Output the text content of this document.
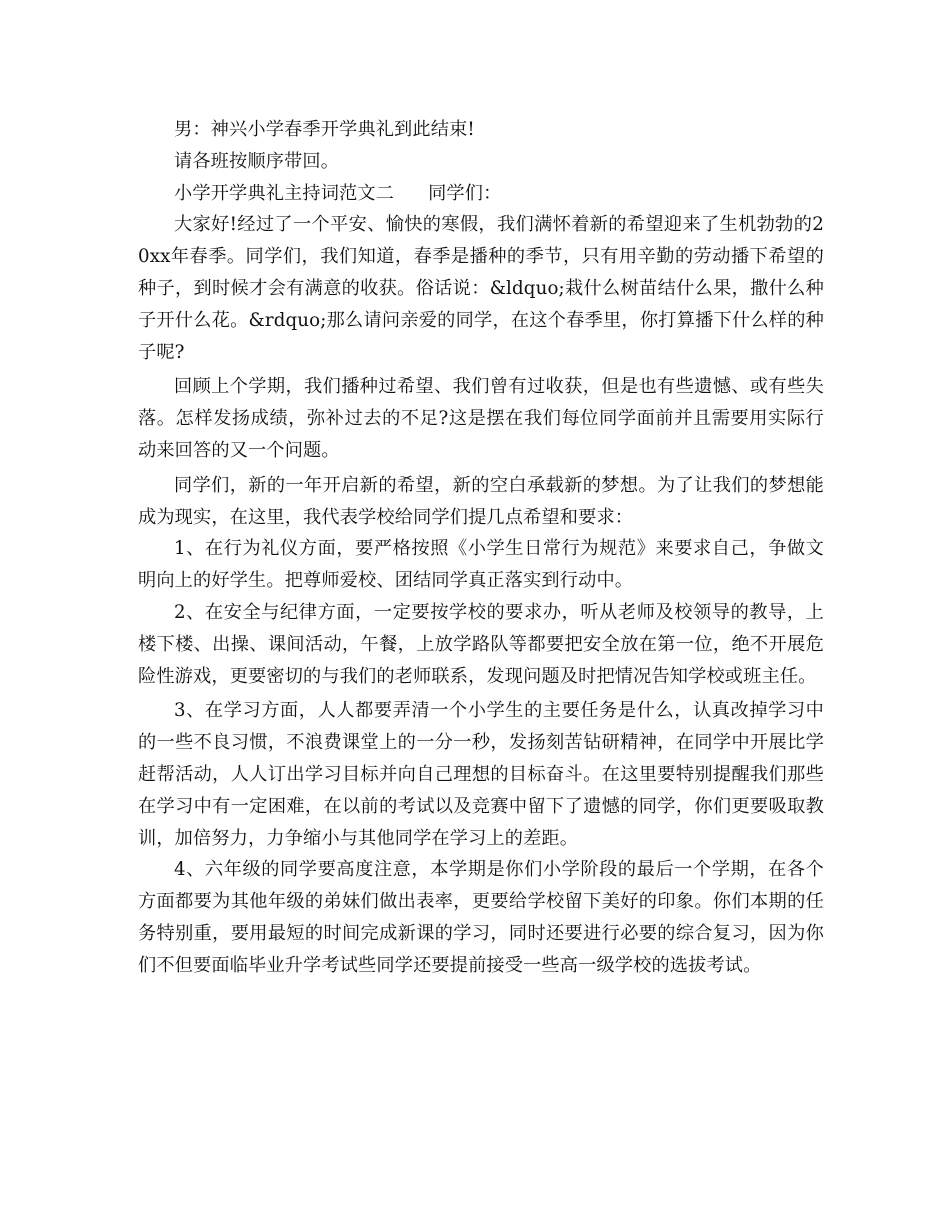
男：神兴小学春季开学典礼到此结束!

请各班按顺序带回。

小学开学典礼主持词范文二 同学们：

大家好!经过了一个平安、愉快的寒假，我们满怀着新的希望迎来了生机勃勃的20xx年春季。同学们，我们知道，春季是播种的季节，只有用辛勤的劳动播下希望的种子，到时候才会有满意的收获。俗话说：&ldquo;栽什么树苗结什么果，撒什么种子开什么花。&rdquo;那么请问亲爱的同学，在这个春季里，你打算播下什么样的种子呢?

回顾上个学期，我们播种过希望、我们曾有过收获，但是也有些遗憾、或有些失落。怎样发扬成绩，弥补过去的不足?这是摆在我们每位同学面前并且需要用实际行动来回答的又一个问题。

同学们，新的一年开启新的希望，新的空白承载新的梦想。为了让我们的梦想能成为现实，在这里，我代表学校给同学们提几点希望和要求：

1、在行为礼仪方面，要严格按照《小学生日常行为规范》来要求自己，争做文明向上的好学生。把尊师爱校、团结同学真正落实到行动中。

2、在安全与纪律方面，一定要按学校的要求办，听从老师及校领导的教导，上楼下楼、出操、课间活动，午餐，上放学路队等都要把安全放在第一位，绝不开展危险性游戏，更要密切的与我们的老师联系，发现问题及时把情况告知学校或班主任。

3、在学习方面，人人都要弄清一个小学生的主要任务是什么，认真改掉学习中的一些不良习惯，不浪费课堂上的一分一秒，发扬刻苦钻研精神，在同学中开展比学赶帮活动，人人订出学习目标并向自己理想的目标奋斗。在这里要特别提醒我们那些在学习中有一定困难，在以前的考试以及竞赛中留下了遗憾的同学，你们更要吸取教训，加倍努力，力争缩小与其他同学在学习上的差距。

4、六年级的同学要高度注意，本学期是你们小学阶段的最后一个学期，在各个方面都要为其他年级的弟妹们做出表率，更要给学校留下美好的印象。你们本期的任务特别重，要用最短的时间完成新课的学习，同时还要进行必要的综合复习，因为你们不但要面临毕业升学考试些同学还要提前接受一些高一级学校的选拔考试。
